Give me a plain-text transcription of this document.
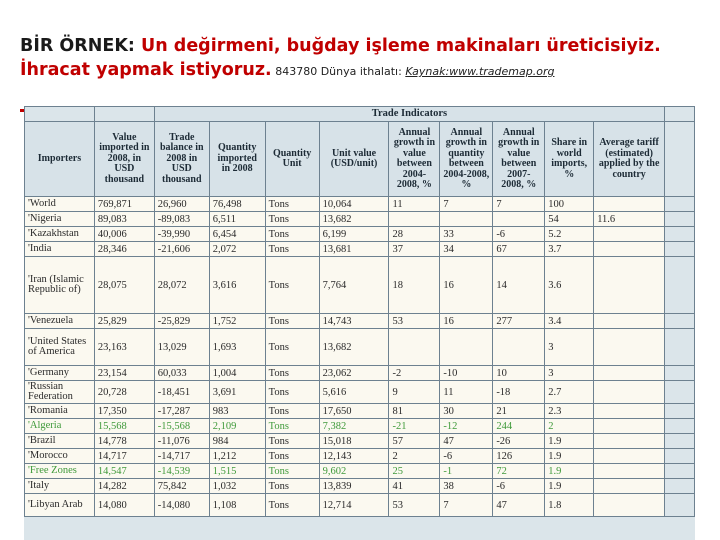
BİR ÖRNEK: Un değirmeni, buğday işleme makinaları üreticisiyiz.
İhracat yapmak istiyoruz. 843780 Dünya ithalatı: Kaynak:www.trademap.org
		Trade Indicators									
Importers	Value imported in 2008, in USD thousand	Trade balance in 2008 in USD thousand	Quantity imported in 2008	Quantity Unit	Unit value (USD/unit)	Annual growth in value between 2004-2008, %	Annual growth in quantity between 2004-2008, %	Annual growth in value between 2007-2008, %	Share in world imports, %	Average tariff (estimated) applied by the country	
'World	769,871	26,960	76,498	Tons	10,064	11	7	7	100		
'Nigeria	89,083	-89,083	6,511	Tons	13,682				54	11.6	
'Kazakhstan	40,006	-39,990	6,454	Tons	6,199	28	33	-6	5.2		
'India	28,346	-21,606	2,072	Tons	13,681	37	34	67	3.7		
'Iran (Islamic Republic of)	28,075	28,072	3,616	Tons	7,764	18	16	14	3.6		
'Venezuela	25,829	-25,829	1,752	Tons	14,743	53	16	277	3.4		
'United States of America	23,163	13,029	1,693	Tons	13,682				3		
'Germany	23,154	60,033	1,004	Tons	23,062	-2	-10	10	3		
'Russian Federation	20,728	-18,451	3,691	Tons	5,616	9	11	-18	2.7		
'Romania	17,350	-17,287	983	Tons	17,650	81	30	21	2.3		
'Algeria	15,568	-15,568	2,109	Tons	7,382	-21	-12	244	2		
'Brazil	14,778	-11,076	984	Tons	15,018	57	47	-26	1.9		
'Morocco	14,717	-14,717	1,212	Tons	12,143	2	-6	126	1.9		
'Free Zones	14,547	-14,539	1,515	Tons	9,602	25	-1	72	1.9		
'Italy	14,282	75,842	1,032	Tons	13,839	41	38	-6	1.9		
'Libyan Arab	14,080	-14,080	1,108	Tons	12,714	53	7	47	1.8		
